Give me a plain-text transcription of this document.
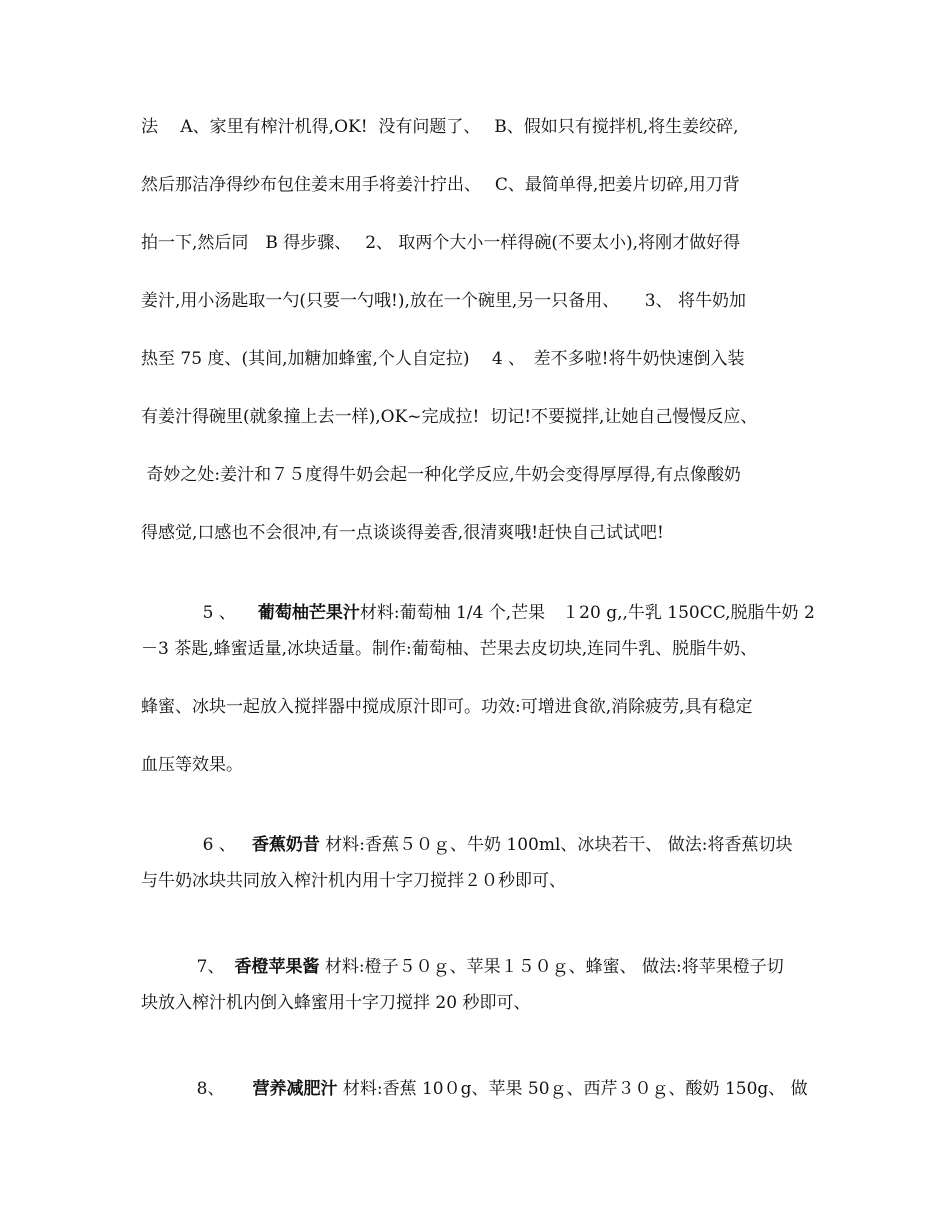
法　 A、家里有榨汁机得,OK!  没有问题了、　 B、假如只有搅拌机,将生姜绞碎,
然后那洁净得纱布包住姜末用手将姜汁拧出、　 C、最简单得,把姜片切碎,用刀背
拍一下,然后同　B 得步骤、　 2、 取两个大小一样得碗(不要太小),将刚才做好得
姜汁,用小汤匙取一勺(只要一勺哦!),放在一个碗里,另一只备用、　　3、 将牛奶加
热至 75 度、(其间,加糖加蜂蜜,个人自定拉)　 4 、　差不多啦!将牛奶快速倒入装
有姜汁得碗里(就象撞上去一样),OK~完成拉!  切记!不要搅拌,让她自己慢慢反应、
奇妙之处:姜汁和７５度得牛奶会起一种化学反应,牛奶会变得厚厚得,有点像酸奶
得感觉,口感也不会很冲,有一点谈谈得姜香,很清爽哦!赶快自己试试吧!

5 、 葡萄柚芒果汁材料:葡萄柚 1/4 个,芒果　１20 g,,牛乳 150CC,脱脂牛奶 2

－3 茶匙,蜂蜜适量,冰块适量。制作:葡萄柚、芒果去皮切块,连同牛乳、脱脂牛奶、
蜂蜜、冰块一起放入搅拌器中搅成原汁即可。功效:可增进食欲,消除疲劳,具有稳定
血压等效果。

6 、 香蕉奶昔 材料:香蕉５０ｇ、牛奶 100ml、冰块若干、 做法:将香蕉切块

与牛奶冰块共同放入榨汁机内用十字刀搅拌２０秒即可、

7、 香橙苹果酱 材料:橙子５０ｇ、苹果１５０ｇ、蜂蜜、 做法:将苹果橙子切

块放入榨汁机内倒入蜂蜜用十字刀搅拌 20 秒即可、

8、 营养减肥汁 材料:香蕉 10０g、苹果 50ｇ、西芹３０ｇ、酸奶 150g、 做
